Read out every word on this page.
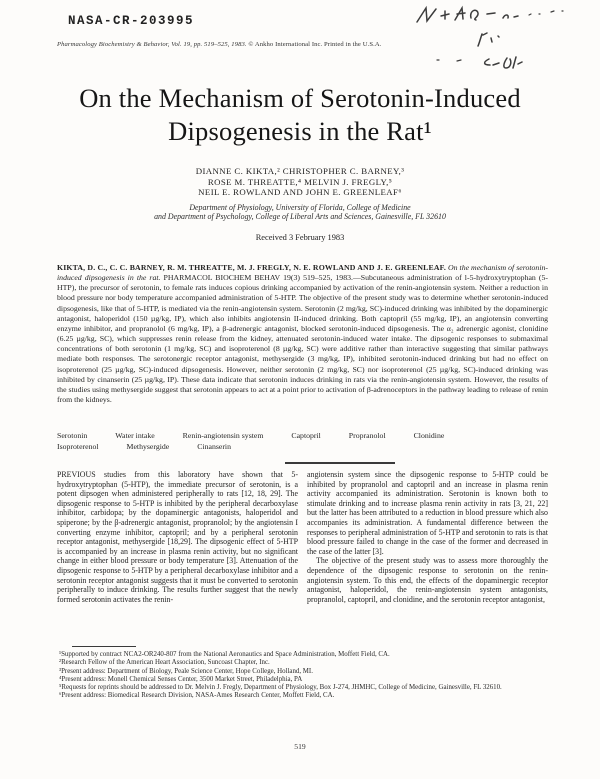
NASA-CR-203995
Pharmacology Biochemistry & Behavior, Vol. 19, pp. 519–525, 1983. © Ankho International Inc. Printed in the U.S.A.
On the Mechanism of Serotonin-Induced
Dipsogenesis in the Rat¹
DIANNE C. KIKTA,² CHRISTOPHER C. BARNEY,³
ROSE M. THREATTE,⁴ MELVIN J. FREGLY,⁵
NEIL E. ROWLAND AND JOHN E. GREENLEAF⁶
Department of Physiology, University of Florida, College of Medicine
and Department of Psychology, College of Liberal Arts and Sciences, Gainesville, FL 32610
Received 3 February 1983
KIKTA, D. C., C. C. BARNEY, R. M. THREATTE, M. J. FREGLY, N. E. ROWLAND AND J. E. GREENLEAF. On the mechanism of serotonin-induced dipsogenesis in the rat. PHARMACOL BIOCHEM BEHAV 19(3) 519–525, 1983.—Subcutaneous administration of l-5-hydroxytryptophan (5-HTP), the precursor of serotonin, to female rats induces copious drinking accompanied by activation of the renin-angiotensin system. Neither a reduction in blood pressure nor body temperature accompanied administration of 5-HTP. The objective of the present study was to determine whether serotonin-induced dipsogenesis, like that of 5-HTP, is mediated via the renin-angiotensin system. Serotonin (2 mg/kg, SC)-induced drinking was inhibited by the dopaminergic antagonist, haloperidol (150 µg/kg, IP), which also inhibits angiotensin II-induced drinking. Both captopril (55 mg/kg, IP), an angiotensin converting enzyme inhibitor, and propranolol (6 mg/kg, IP), a β-adrenergic antagonist, blocked serotonin-induced dipsogenesis. The α₂ adrenergic agonist, clonidine (6.25 µg/kg, SC), which suppresses renin release from the kidney, attenuated serotonin-induced water intake. The dipsogenic responses to submaximal concentrations of both serotonin (1 mg/kg, SC) and isoproterenol (8 µg/kg, SC) were additive rather than interactive suggesting that similar pathways mediate both responses. The serotonergic receptor antagonist, methysergide (3 mg/kg, IP), inhibited serotonin-induced drinking but had no effect on isoproterenol (25 µg/kg, SC)-induced dipsogenesis. However, neither serotonin (2 mg/kg, SC) nor isoproterenol (25 µg/kg, SC)-induced drinking was inhibited by cinanserin (25 µg/kg, IP). These data indicate that serotonin induces drinking in rats via the renin-angiotensin system. However, the results of the studies using methysergide suggest that serotonin appears to act at a point prior to activation of β-adrenoceptors in the pathway leading to release of renin from the kidneys.
Serotonin	Water intake	Renin-angiotensin system	Captopril	Propranolol	Clonidine
Isoproterenol	Methysergide	Cinanserin

PREVIOUS studies from this laboratory have shown that 5-hydroxytryptophan (5-HTP), the immediate precursor of serotonin, is a potent dipsogen when administered peripherally to rats [12, 18, 29]. The dipsogenic response to 5-HTP is inhibited by the peripheral decarboxylase inhibitor, carbidopa; by the dopaminergic antagonists, haloperidol and spiperone; by the β-adrenergic antagonist, propranolol; by the angiotensin I converting enzyme inhibitor, captopril; and by a peripheral serotonin receptor antagonist, methysergide [18,29]. The dipsogenic effect of 5-HTP is accompanied by an increase in plasma renin activity, but no significant change in either blood pressure or body temperature [3]. Attenuation of the dipsogenic response to 5-HTP by a peripheral decarboxylase inhibitor and a serotonin receptor antagonist suggests that it must be converted to serotonin peripherally to induce drinking. The results further suggest that the newly formed serotonin activates the renin-

angiotensin system since the dipsogenic response to 5-HTP could be inhibited by propranolol and captopril and an increase in plasma renin activity accompanied its administration. Serotonin is known both to stimulate drinking and to increase plasma renin activity in rats [3, 21, 22] but the latter has been attributed to a reduction in blood pressure which also accompanies its administration. A fundamental difference between the responses to peripheral administration of 5-HTP and serotonin to rats is that blood pressure failed to change in the case of the former and decreased in the case of the latter [3].

The objective of the present study was to assess more thoroughly the dependence of the dipsogenic response to serotonin on the renin-angiotensin system. To this end, the effects of the dopaminergic receptor antagonist, haloperidol, the renin-angiotensin system antagonists, propranolol, captopril, and clonidine, and the serotonin receptor antagonist,

¹Supported by contract NCA2-OR240-807 from the National Aeronautics and Space Administration, Moffett Field, CA.
²Research Fellow of the American Heart Association, Suncoast Chapter, Inc.
³Present address: Department of Biology, Peale Science Center, Hope College, Holland, MI.
⁴Present address: Monell Chemical Senses Center, 3500 Market Street, Philadelphia, PA
⁵Requests for reprints should be addressed to Dr. Melvin J. Fregly, Department of Physiology, Box J-274, JHMHC, College of Medicine, Gainesville, FL 32610.
⁶Present address: Biomedical Research Division, NASA-Ames Research Center, Moffett Field, CA.
519
